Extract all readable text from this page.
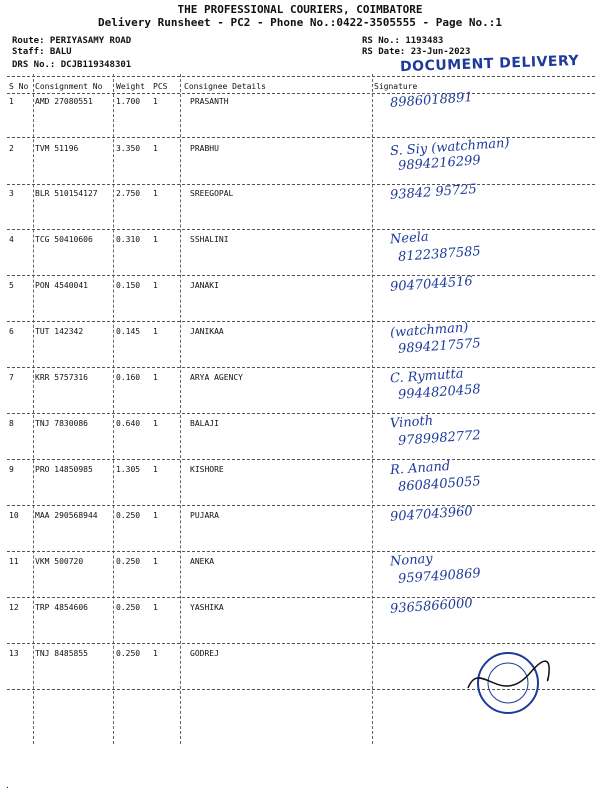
THE PROFESSIONAL COURIERS, COIMBATORE
Delivery Runsheet - PC2 - Phone No.:0422-3505555 - Page No.:1
Route: PERIYASAMY ROAD
Staff: BALU
DRS No.: DCJB119348301
RS No.: 1193483
RS Date: 23-Jun-2023
DOCUMENT DELIVERY
S No Consignment No Weight PCS Consignee Details	Signature
1	AMD 27080551	1.700 1	PRASANTH	8986018891
2	TVM 51196	3.350 1	PRABHU	S. Siy (watchman)
9894216299
3	BLR 510154127 2.750 1	SREEGOPAL	93842 95725
4	TCG 50410606	0.310 1	SSHALINI	Neela
8122387585
5	PON 4540041	0.150 1	JANAKI	9047044516
6	TUT 142342	0.145 1	JANIKAA	(watchman)
9894217575
7	KRR 5757316	0.160 1	ARYA AGENCY	C. Rymutta
9944820458
8	TNJ 7830086	0.640 1	BALAJI	Vinoth
9789982772
9	PRO 14850985	1.305 1	KISHORE	R. Anand
8608405055
10 MAA 290568944 0.250 1	PUJARA	9047043960
11 VKM 500720	0.250 1	ANEKA	Nonay
9597490869
12 TRP 4854606	0.250 1	YASHIKA	9365866000
13 TNJ 8485855	0.250 1	GODREJ
·
